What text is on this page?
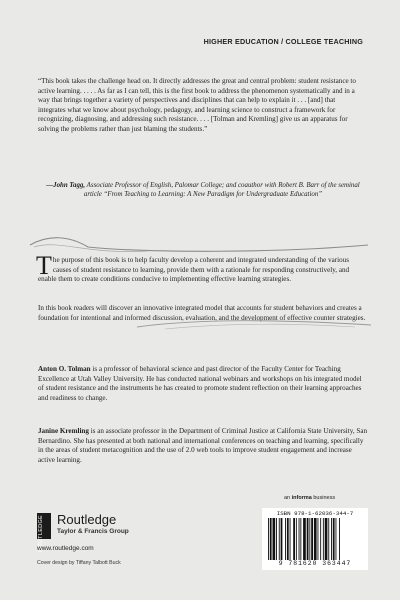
HIGHER EDUCATION / COLLEGE TEACHING

“This book takes the challenge head on. It directly addresses the great and central problem: student resistance to active learning. . . . . As far as I can tell, this is the first book to address the phenomenon systematically and in a way that brings together a variety of perspectives and disciplines that can help to explain it . . . [and] that integrates what we know about psychology, pedagogy, and learning science to construct a framework for recognizing, diagnosing, and addressing such resistance. . . . [Tolman and Kremling] give us an apparatus for solving the problems rather than just blaming the students.”

—John Tagg, Associate Professor of English, Palomar College; and coauthor with Robert B. Barr of the seminal article “From Teaching to Learning: A New Paradigm for Undergraduate Education”
T he purpose of this book is to help faculty develop a coherent and integrated understanding of the various causes of student resistance to learning, provide them with a rationale for responding constructively, and enable them to create conditions conducive to implementing effective learning strategies.
In this book readers will discover an innovative integrated model that accounts for student behaviors and creates a foundation for intentional and informed discussion, evaluation, and the development of effective counter strategies.
Anton O. Tolman is a professor of behavioral science and past director of the Faculty Center for Teaching Excellence at Utah Valley University. He has conducted national webinars and workshops on his integrated model of student resistance and the instruments he has created to promote student reflection on their learning approaches and readiness to change.
Janine Kremling is an associate professor in the Department of Criminal Justice at California State University, San Bernardino. She has presented at both national and international conferences on teaching and learning, specifically in the areas of student metacognition and the use of 2.0 web tools to improve student engagement and increase active learning.
ROUTLEDGE	Routledge
Taylor & Francis Group
www.routledge.com
Cover design by Tiffany Talbott Buck
an informa business
ISBN 978-1-62036-344-7
9 781620 363447
